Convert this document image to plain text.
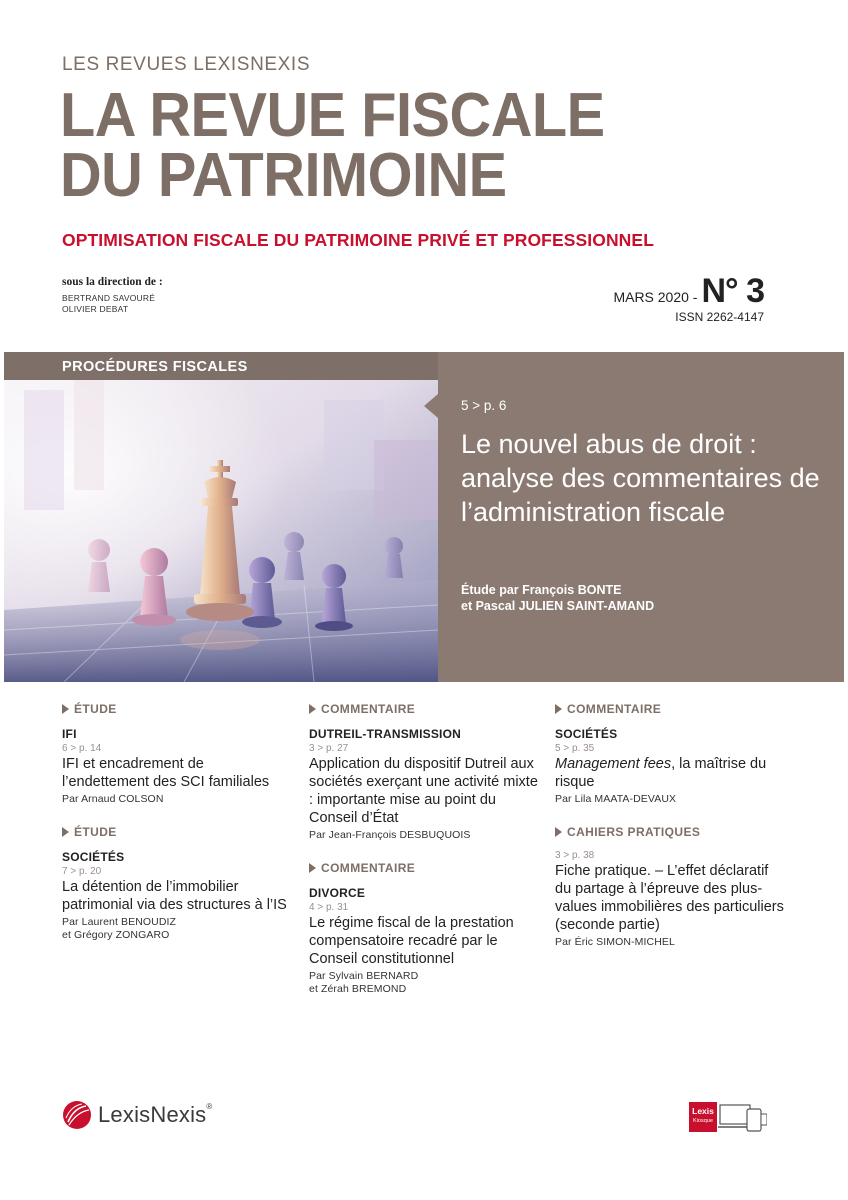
LES REVUES LEXISNEXIS
LA REVUE FISCALE
DU PATRIMOINE
OPTIMISATION FISCALE DU PATRIMOINE PRIVÉ ET PROFESSIONNEL
sous la direction de :
BERTRAND SAVOURÉ
OLIVIER DEBAT
MARS 2020 - N° 3
ISSN 2262-4147
PROCÉDURES FISCALES
5 > p. 6
Le nouvel abus de droit : analyse des commentaires de l’administration fiscale
Étude par François BONTE
et Pascal JULIEN SAINT-AMAND
ÉTUDE
IFI
6 > p. 14
IFI et encadrement de l’endettement des SCI familiales
Par Arnaud COLSON
ÉTUDE
SOCIÉTÉS
7 > p. 20
La détention de l’immobilier patrimonial via des structures à l’IS
Par Laurent BENOUDIZ
et Grégory ZONGARO
COMMENTAIRE
DUTREIL-TRANSMISSION
3 > p. 27
Application du dispositif Dutreil aux sociétés exerçant une activité mixte : importante mise au point du Conseil d’État
Par Jean-François DESBUQUOIS
COMMENTAIRE
DIVORCE
4 > p. 31
Le régime fiscal de la prestation compensatoire recadré par le Conseil constitutionnel
Par Sylvain BERNARD
et Zérah BREMOND
COMMENTAIRE
SOCIÉTÉS
5 > p. 35
Management fees, la maîtrise du risque
Par Lila MAATA-DEVAUX
CAHIERS PRATIQUES
3 > p. 38
Fiche pratique. – L’effet déclaratif du partage à l’épreuve des plus-values immobilières des particuliers (seconde partie)
Par Éric SIMON-MICHEL
LexisNexis®	Lexis
Kiosque
